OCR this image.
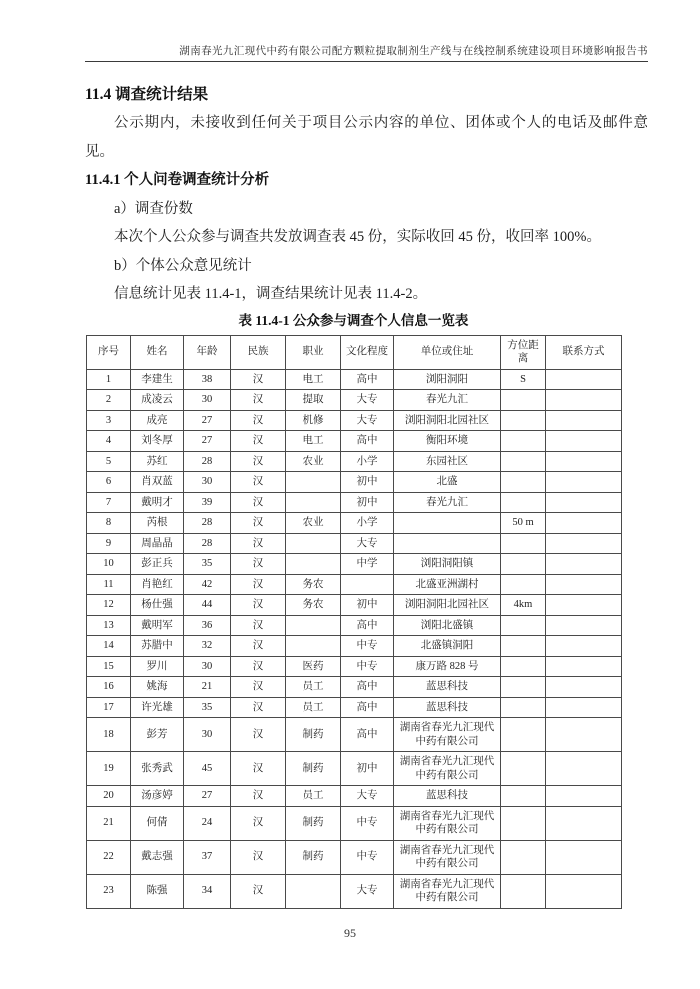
湖南春光九汇现代中药有限公司配方颗粒提取制剂生产线与在线控制系统建设项目环境影响报告书

11.4 调查统计结果

公示期内，未接收到任何关于项目公示内容的单位、团体或个人的电话及邮件意见。

11.4.1 个人问卷调查统计分析

a）调查份数

本次个人公众参与调查共发放调查表 45 份，实际收回 45 份，收回率 100%。

b）个体公众意见统计

信息统计见表 11.4-1，调查结果统计见表 11.4-2。

表 11.4-1 公众参与调查个人信息一览表

序号	姓名	年龄	民族	职业	文化程度	单位或住址	方位距离	联系方式
1	李建生	38	汉	电工	高中	浏阳洞阳	S	
2	成凌云	30	汉	提取	大专	春光九汇		
3	成亮	27	汉	机修	大专	浏阳洞阳北园社区		
4	刘冬厚	27	汉	电工	高中	衡阳环境		
5	苏红	28	汉	农业	小学	东园社区		
6	肖双蓝	30	汉		初中	北盛		
7	戴明才	39	汉		初中	春光九汇		
8	芮根	28	汉	农业	小学		50 m	
9	周晶晶	28	汉		大专			
10	彭正兵	35	汉		中学	浏阳洞阳镇		
11	肖艳红	42	汉	务农		北盛亚洲湖村		
12	杨仕强	44	汉	务农	初中	浏阳洞阳北园社区	4km	
13	戴明军	36	汉		高中	浏阳北盛镇		
14	苏腊中	32	汉		中专	北盛镇洞阳		
15	罗川	30	汉	医药	中专	康万路 828 号		
16	姚海	21	汉	员工	高中	蓝思科技		
17	许光雄	35	汉	员工	高中	蓝思科技		
18	彭芳	30	汉	制药	高中	湖南省春光九汇现代中药有限公司		
19	张秀武	45	汉	制药	初中	湖南省春光九汇现代中药有限公司		
20	汤彦婷	27	汉	员工	大专	蓝思科技		
21	何倩	24	汉	制药	中专	湖南省春光九汇现代中药有限公司		
22	戴志强	37	汉	制药	中专	湖南省春光九汇现代中药有限公司		
23	陈强	34	汉		大专	湖南省春光九汇现代中药有限公司		
95
